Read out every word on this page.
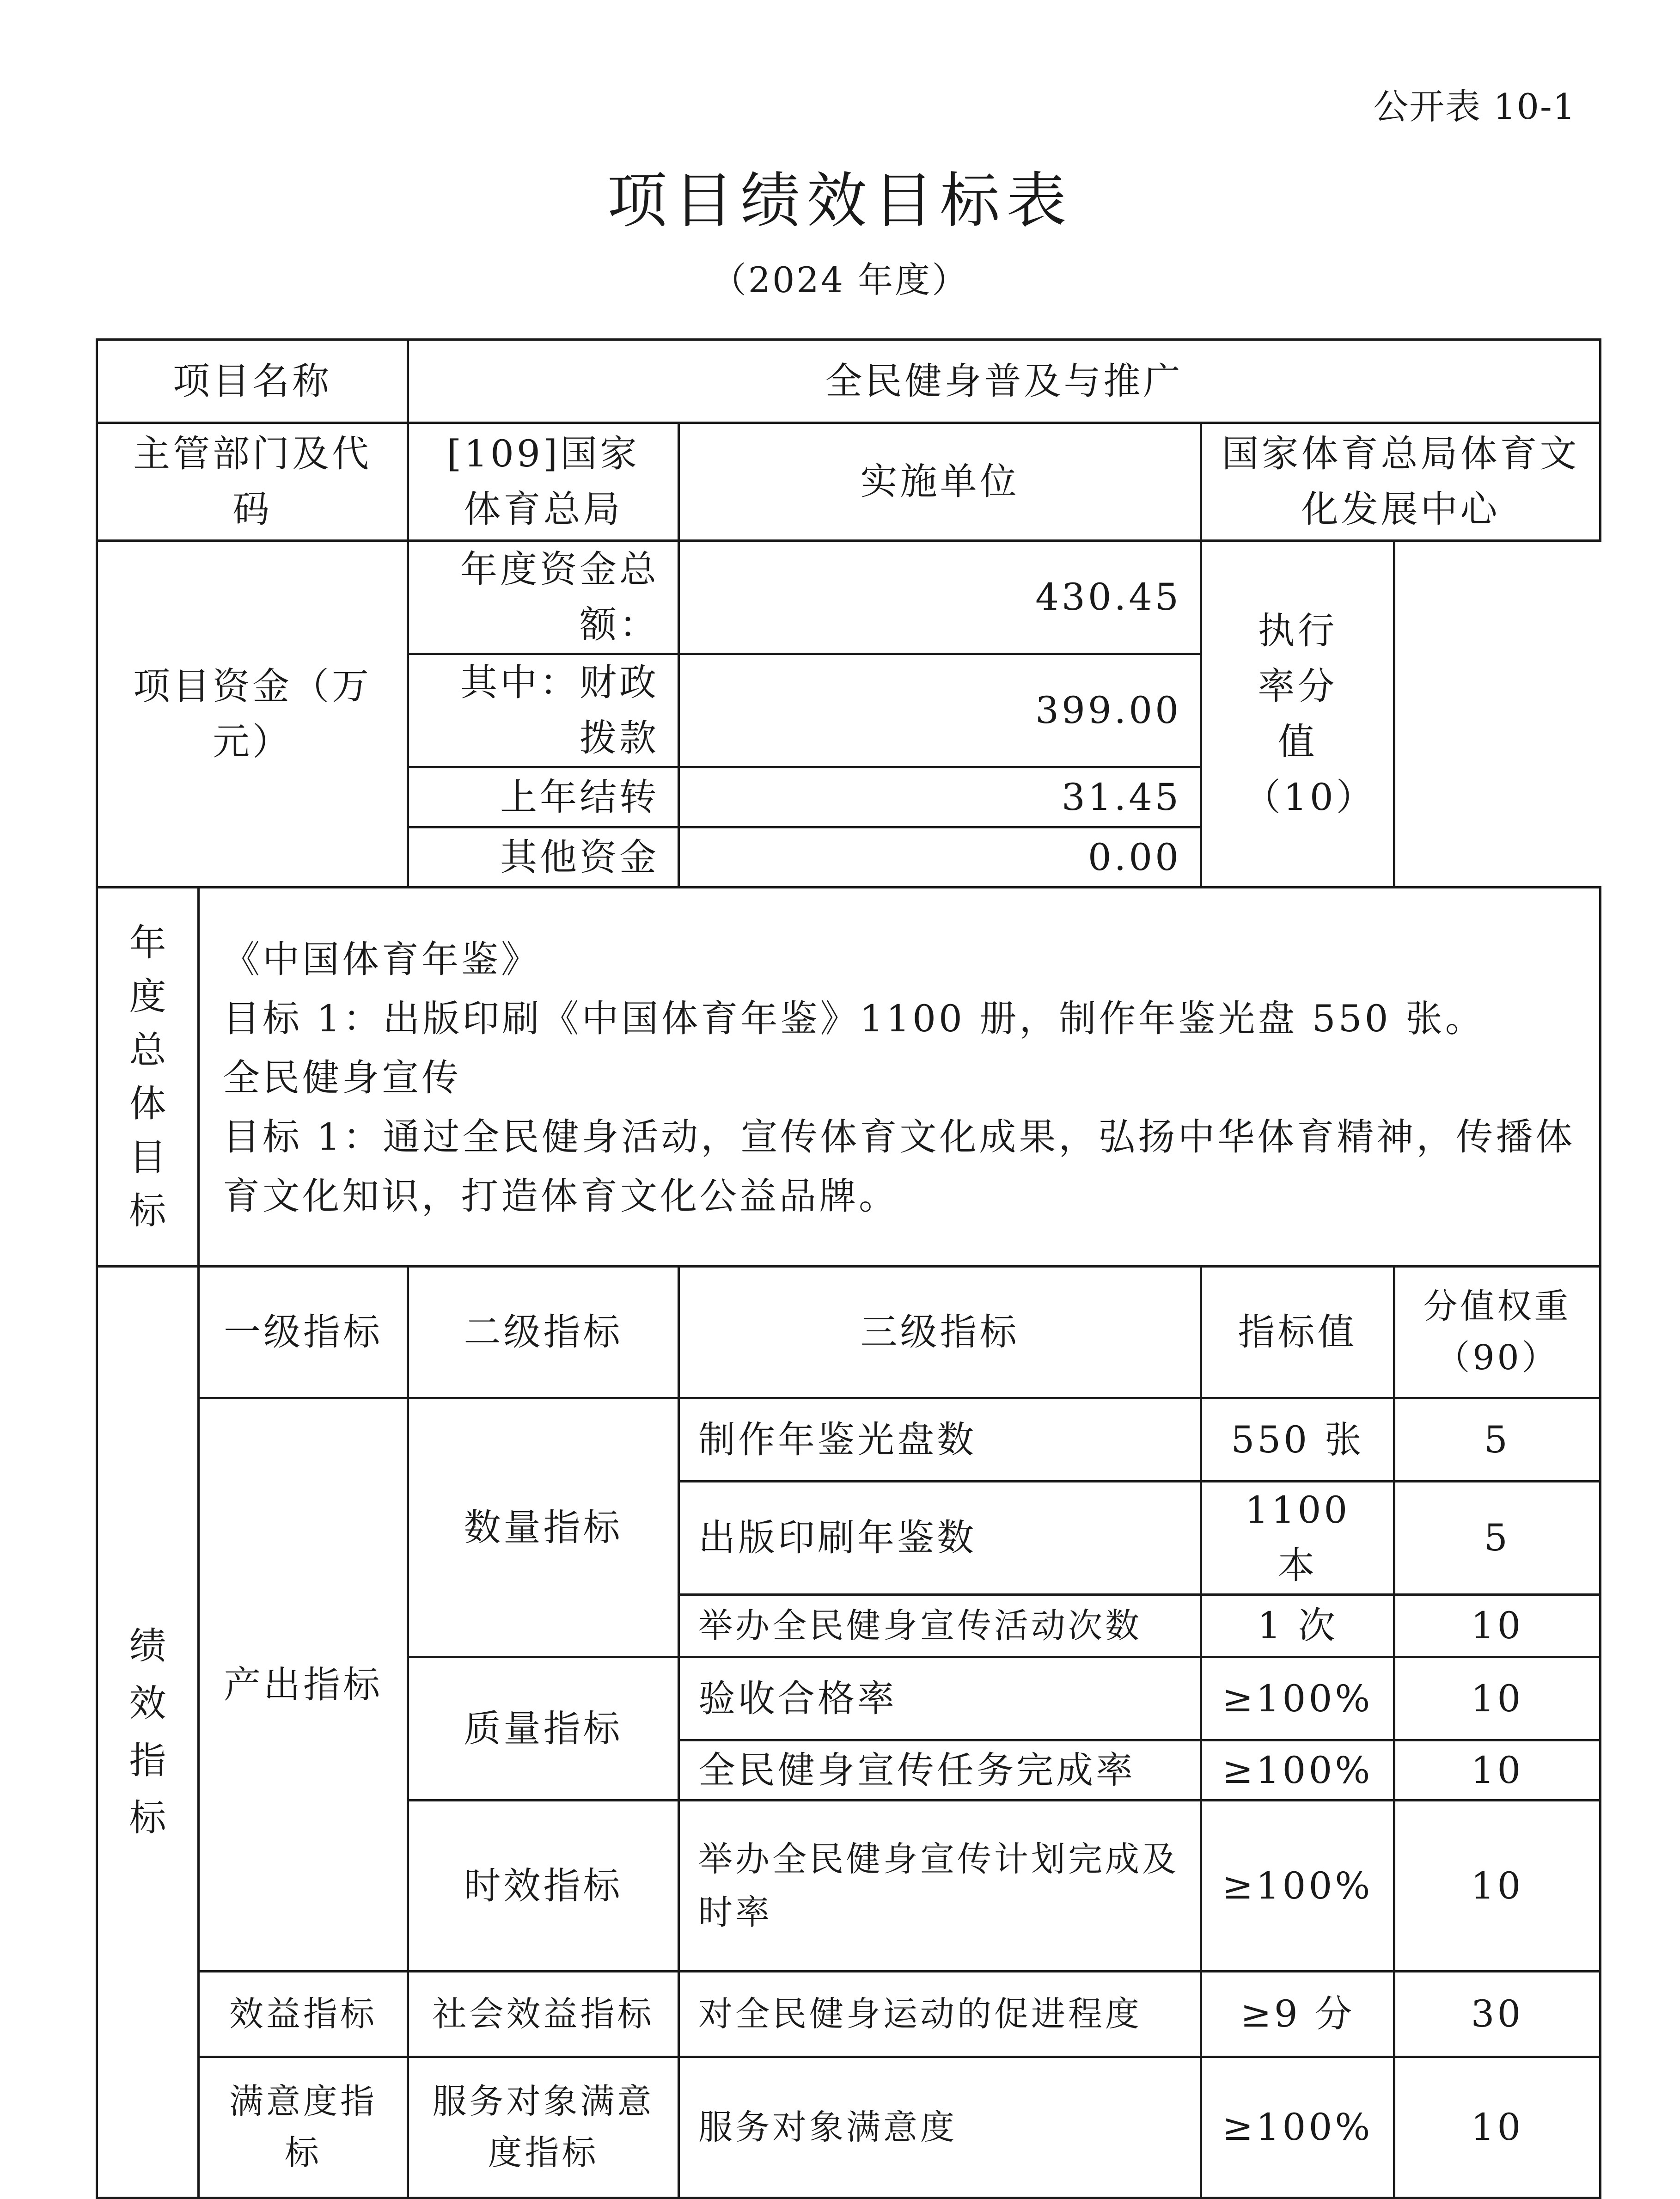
公开表 10-1
项目绩效目标表
（2024 年度）
项目名称		全民健身普及与推广			
主管部门及代码		[109]国家体育总局	实施单位	国家体育总局体育文化发展中心	
项目资金（万元）		年度资金总额：	430.45	执行率分值（10）	
		其中：财政拨款	399.00		
		上年结转	31.45		
		其他资金	0.00		

年度总体目标	《中国体育年鉴》
目标 1：出版印刷《中国体育年鉴》1100 册，制作年鉴光盘 550 张。
全民健身宣传
目标 1：通过全民健身活动，宣传体育文化成果，弘扬中华体育精神，传播体育文化知识，打造体育文化公益品牌。				

绩效指标	一级指标	二级指标	三级指标	指标值	分值权重（90）
	产出指标	数量指标	制作年鉴光盘数	550 张	5
			出版印刷年鉴数	1100 本	5
			举办全民健身宣传活动次数	1 次	10
		质量指标	验收合格率	≥100%	10
			全民健身宣传任务完成率	≥100%	10
		时效指标	举办全民健身宣传计划完成及时率	≥100%	10
	效益指标	社会效益指标	对全民健身运动的促进程度	≥9 分	30
	满意度指标	服务对象满意度指标	服务对象满意度	≥100%	10
